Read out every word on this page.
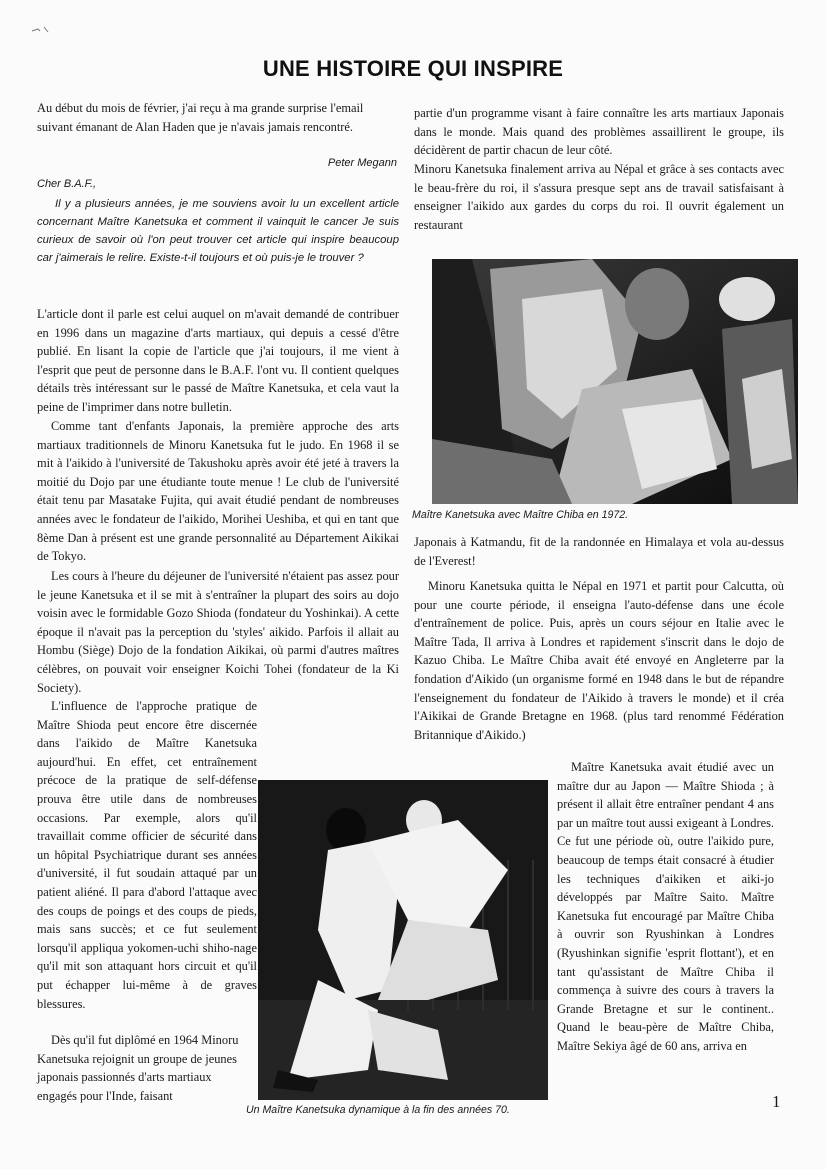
UNE HISTOIRE QUI INSPIRE

Au début du mois de février, j'ai reçu à ma grande surprise l'email suivant émanant de Alan Haden que je n'avais jamais rencontré.

Peter Megann
Cher B.A.F.,

Il y a plusieurs années, je me souviens avoir lu un excellent article concernant Maître Kanetsuka et comment il vainquit le cancer Je suis curieux de savoir où l'on peut trouver cet article qui inspire beaucoup car j'aimerais le relire. Existe-t-il toujours et où puis-je le trouver ?

L'article dont il parle est celui auquel on m'avait demandé de contribuer en 1996 dans un magazine d'arts martiaux, qui depuis a cessé d'être publié. En lisant la copie de l'article que j'ai toujours, il me vient à l'esprit que peut de personne dans le B.A.F. l'ont vu. Il contient quelques détails très intéressant sur le passé de Maître Kanetsuka, et cela vaut la peine de l'imprimer dans notre bulletin.

Comme tant d'enfants Japonais, la première approche des arts martiaux traditionnels de Minoru Kanetsuka fut le judo. En 1968 il se mit à l'aikido à l'université de Takushoku après avoir été jeté à travers la moitié du Dojo par une étudiante toute menue ! Le club de l'université était tenu par Masatake Fujita, qui avait étudié pendant de nombreuses années avec le fondateur de l'aikido, Morihei Ueshiba, et qui en tant que 8ème Dan à présent est une grande personnalité au Département Aikikai de Tokyo.

Les cours à l'heure du déjeuner de l'université n'étaient pas assez pour le jeune Kanetsuka et il se mit à s'entraîner la plupart des soirs au dojo voisin avec le formidable Gozo Shioda (fondateur du Yoshinkai). A cette époque il n'avait pas la perception du 'styles' aikido. Parfois il allait au Hombu (Siège) Dojo de la fondation Aikikai, où parmi d'autres maîtres célèbres, on pouvait voir enseigner Koichi Tohei (fondateur de la Ki Society).

L'influence de l'approche pratique de Maître Shioda peut encore être discernée dans l'aikido de Maître Kanetsuka aujourd'hui. En effet, cet entraînement précoce de la pratique de self-défense prouva être utile dans de nombreuses occasions. Par exemple, alors qu'il travaillait comme officier de sécurité dans un hôpital Psychiatrique durant ses années d'université, il fut soudain attaqué par un patient aliéné. Il para d'abord l'attaque avec des coups de poings et des coups de pieds, mais sans succès; et ce fut seulement lorsqu'il appliqua yokomen-uchi shiho-nage qu'il mit son attaquant hors circuit et qu'il put échapper lui-même à de graves blessures.

Dès qu'il fut diplômé en 1964 Minoru Kanetsuka rejoignit un groupe de jeunes japonais passionnés d'arts martiaux engagés pour l'Inde, faisant

partie d'un programme visant à faire connaître les arts martiaux Japonais dans le monde. Mais quand des problèmes assaillirent le groupe, ils décidèrent de partir chacun de leur côté.

Minoru Kanetsuka finalement arriva au Népal et grâce à ses contacts avec le beau-frère du roi, il s'assura presque sept ans de travail satisfaisant à enseigner l'aikido aux gardes du corps du roi. Il ouvrit également un restaurant

Maître Kanetsuka avec Maître Chiba en 1972.

Japonais à Katmandu, fit de la randonnée en Himalaya et vola au-dessus de l'Everest!

Minoru Kanetsuka quitta le Népal en 1971 et partit pour Calcutta, où pour une courte période, il enseigna l'auto-défense dans une école d'entraînement de police. Puis, après un cours séjour en Italie avec le Maître Tada, Il arriva à Londres et rapidement s'inscrit dans le dojo de Kazuo Chiba. Le Maître Chiba avait été envoyé en Angleterre par la fondation d'Aikido (un organisme formé en 1948 dans le but de répandre l'enseignement du fondateur de l'Aikido à travers le monde) et il créa l'Aikikai de Grande Bretagne en 1968. (plus tard renommé Fédération Britannique d'Aikido.)

Maître Kanetsuka avait étudié avec un maître dur au Japon — Maître Shioda ; à présent il allait être entraîner pendant 4 ans par un maître tout aussi exigeant à Londres. Ce fut une période où, outre l'aikido pure, beaucoup de temps était consacré à étudier les techniques d'aikiken et aiki-jo développés par Maître Saito. Maître Kanetsuka fut encouragé par Maître Chiba à ouvrir son Ryushinkan à Londres (Ryushinkan signifie 'esprit flottant'), et en tant qu'assistant de Maître Chiba il commença à suivre des cours à travers la Grande Bretagne et sur le continent.. Quand le beau-père de Maître Chiba, Maître Sekiya âgé de 60 ans, arriva en

Un Maître Kanetsuka dynamique à la fin des années 70.	1
